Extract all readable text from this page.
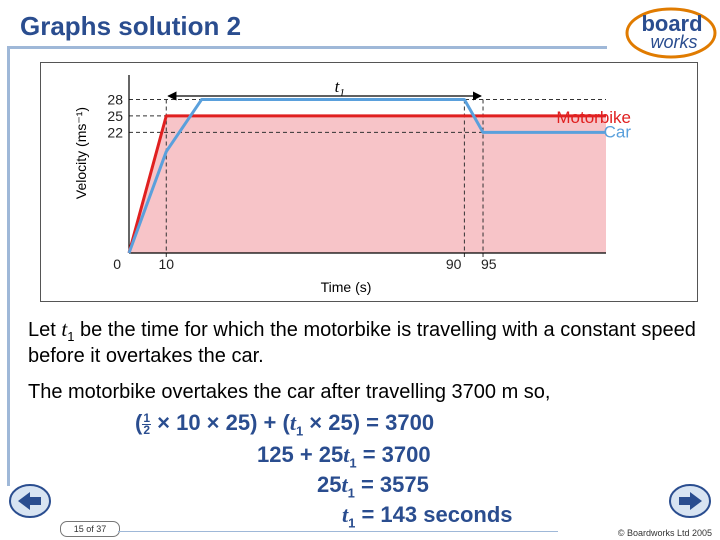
Graphs solution 2	board
works
$t_1$
28
25
22
0	10	90 95
Time (s)
Velocity (ms⁻¹)	Motorbike
Car

Let $t_1$ be the time for which the motorbike is travelling with a constant speed before it overtakes the car.

The motorbike overtakes the car after travelling 3700 m so,

( $\frac{1}{2} \times 10 \times 25) + (t_1 \times 25) = 3700$
$125 + 25t_1 = 3700$
$25t_1 = 3575$
$t_1 = 143$ seconds
15 of 37	© Boardworks Ltd 2005
